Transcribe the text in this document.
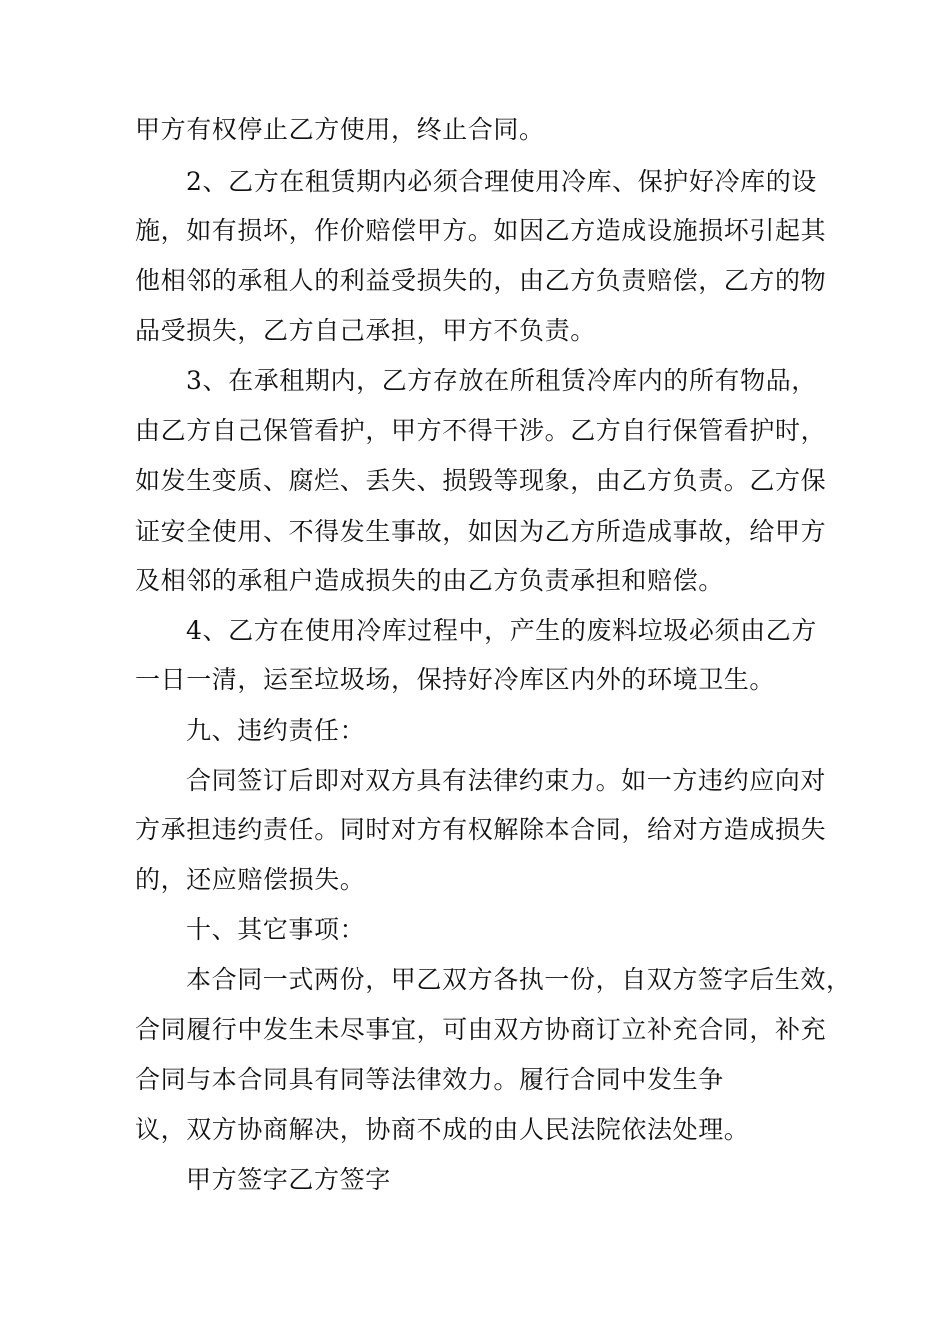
甲方有权停止乙方使用，终止合同。
2、乙方在租赁期内必须合理使用冷库、保护好冷库的设
施，如有损坏，作价赔偿甲方。如因乙方造成设施损坏引起其
他相邻的承租人的利益受损失的，由乙方负责赔偿，乙方的物
品受损失，乙方自己承担，甲方不负责。
3、在承租期内，乙方存放在所租赁冷库内的所有物品，
由乙方自己保管看护，甲方不得干涉。乙方自行保管看护时，
如发生变质、腐烂、丢失、损毁等现象，由乙方负责。乙方保
证安全使用、不得发生事故，如因为乙方所造成事故，给甲方
及相邻的承租户造成损失的由乙方负责承担和赔偿。
4、乙方在使用冷库过程中，产生的废料垃圾必须由乙方
一日一清，运至垃圾场，保持好冷库区内外的环境卫生。
九、违约责任：
合同签订后即对双方具有法律约束力。如一方违约应向对
方承担违约责任。同时对方有权解除本合同，给对方造成损失
的，还应赔偿损失。
十、其它事项：
本合同一式两份，甲乙双方各执一份，自双方签字后生效，
合同履行中发生未尽事宜，可由双方协商订立补充合同，补充
合同与本合同具有同等法律效力。履行合同中发生争
议，双方协商解决，协商不成的由人民法院依法处理。
甲方签字乙方签字
